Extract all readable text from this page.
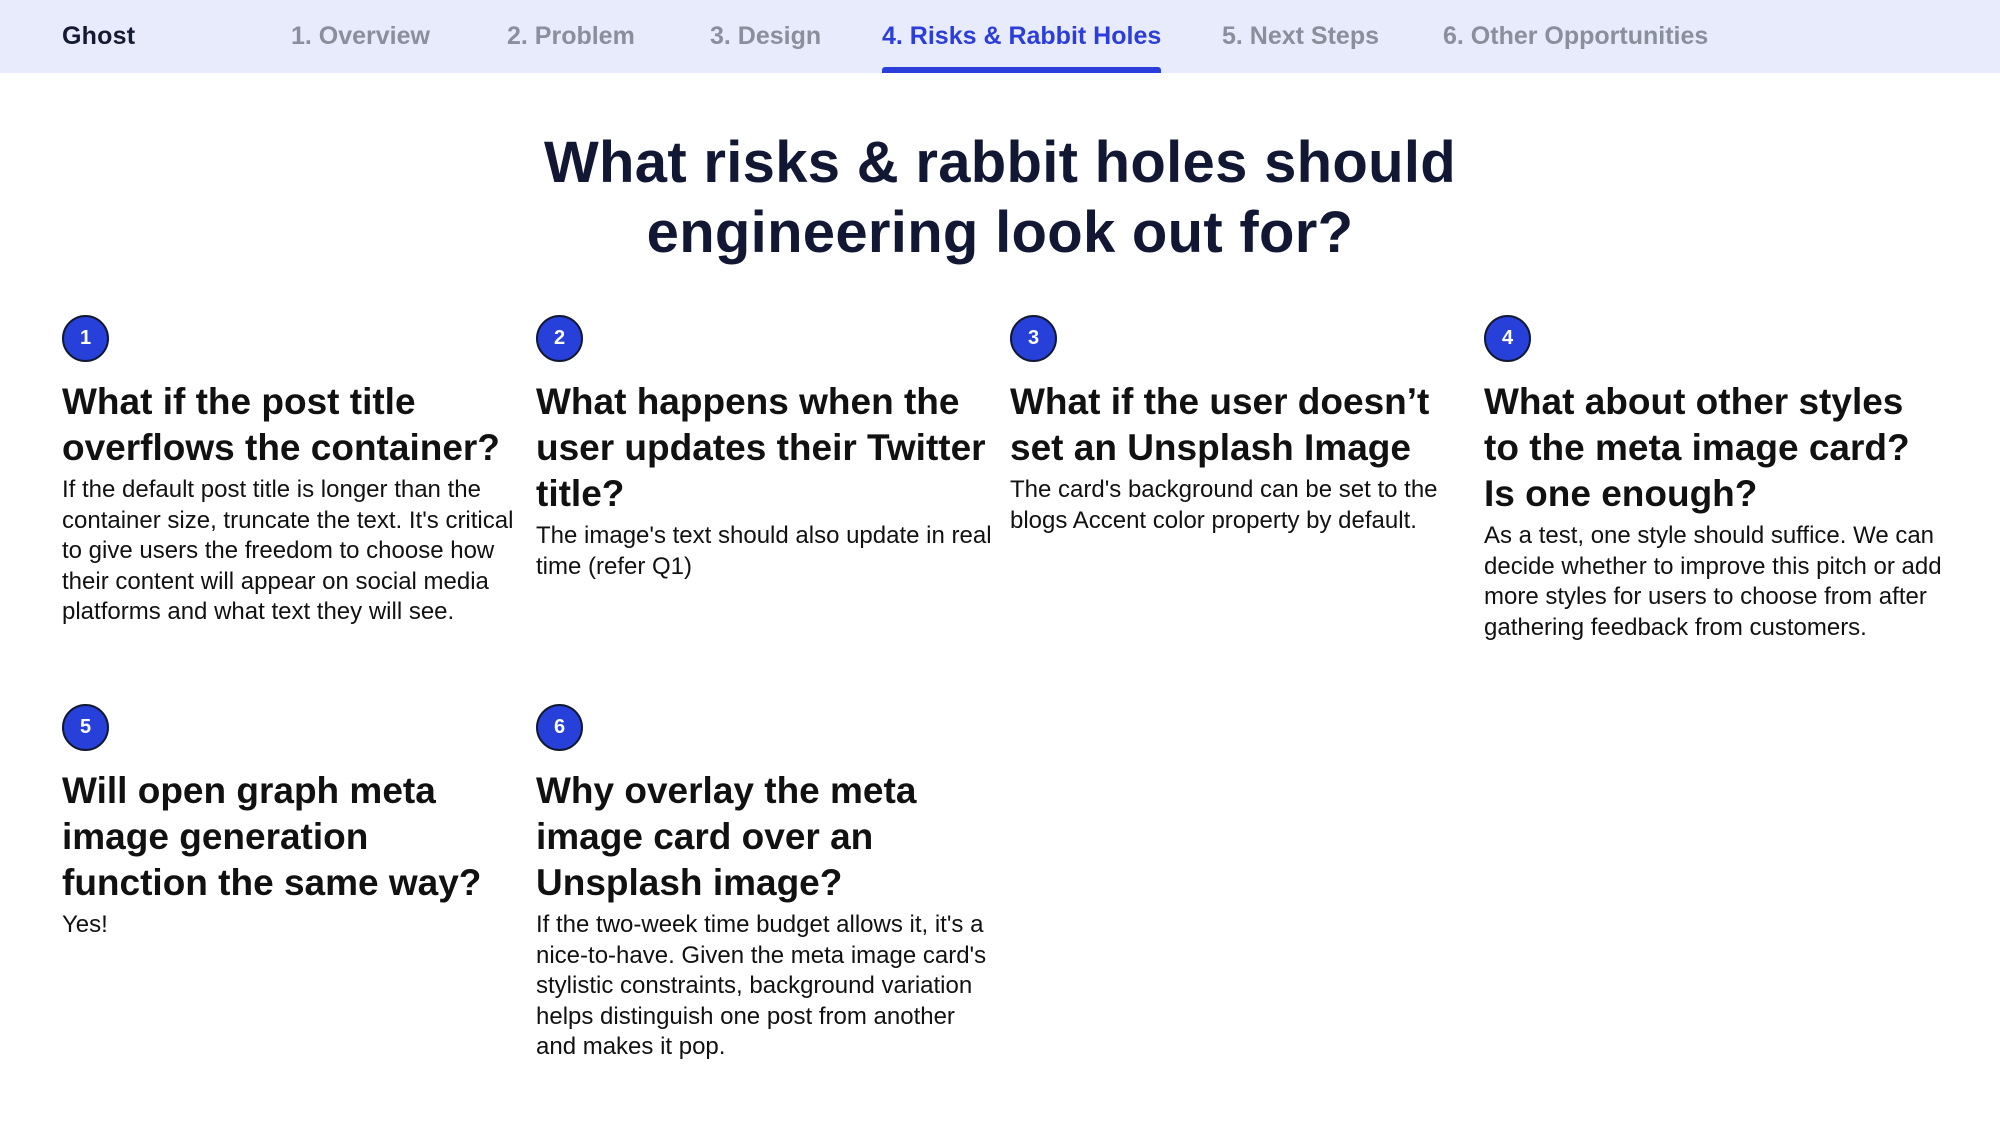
Ghost	1. Overview	2. Problem	3. Design 4. Risks & Rabbit Holes 5. Next Steps	6. Other Opportunities
What risks & rabbit holes should
engineering look out for?
1
What if the post title overflows the container?
If the default post title is longer than the container size, truncate the text. It's critical to give users the freedom to choose how their content will appear on social media platforms and what text they will see.
2
What happens when the user updates their Twitter title?
The image's text should also update in real time (refer Q1)
3
What if the user doesn’t set an Unsplash Image
The card's background can be set to the blogs Accent color property by default.
4
What about other styles to the meta image card? Is one enough?
As a test, one style should suffice. We can decide whether to improve this pitch or add more styles for users to choose from after gathering feedback from customers.
5
Will open graph meta image generation function the same way?
Yes!
6
Why overlay the meta image card over an Unsplash image?
If the two-week time budget allows it, it's a nice-to-have. Given the meta image card's stylistic constraints, background variation helps distinguish one post from another and makes it pop.
